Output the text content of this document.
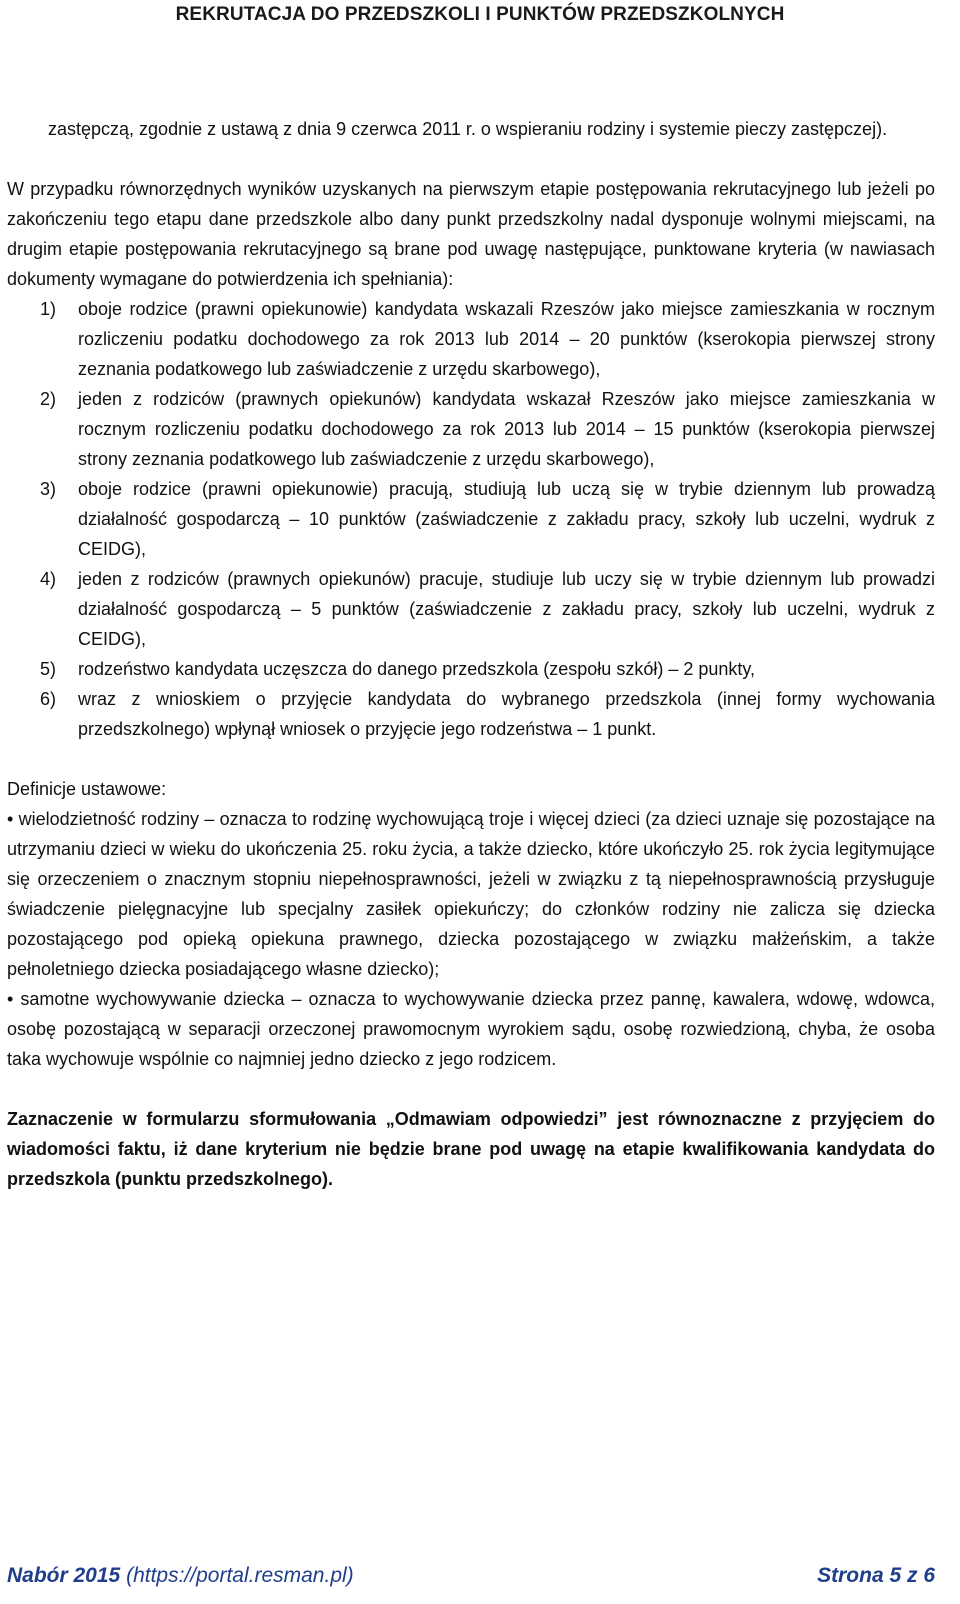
REKRUTACJA DO PRZEDSZKOLI I PUNKTÓW PRZEDSZKOLNYCH

zastępczą, zgodnie z ustawą z dnia 9 czerwca 2011 r. o wspieraniu rodziny i systemie pieczy zastępczej).

W przypadku równorzędnych wyników uzyskanych na pierwszym etapie postępowania rekrutacyjnego lub jeżeli po zakończeniu tego etapu dane przedszkole albo dany punkt przedszkolny nadal dysponuje wolnymi miejscami, na drugim etapie postępowania rekrutacyjnego są brane pod uwagę następujące, punktowane kryteria (w nawiasach dokumenty wymagane do potwierdzenia ich spełniania):

1) oboje rodzice (prawni opiekunowie) kandydata wskazali Rzeszów jako miejsce zamieszkania w rocznym rozliczeniu podatku dochodowego za rok 2013 lub 2014 – 20 punktów (kserokopia pierwszej strony zeznania podatkowego lub zaświadczenie z urzędu skarbowego),
2) jeden z rodziców (prawnych opiekunów) kandydata wskazał Rzeszów jako miejsce zamieszkania w rocznym rozliczeniu podatku dochodowego za rok 2013 lub 2014 – 15 punktów (kserokopia pierwszej strony zeznania podatkowego lub zaświadczenie z urzędu skarbowego),
3) oboje rodzice (prawni opiekunowie) pracują, studiują lub uczą się w trybie dziennym lub prowadzą działalność gospodarczą – 10 punktów (zaświadczenie z zakładu pracy, szkoły lub uczelni, wydruk z CEIDG),
4) jeden z rodziców (prawnych opiekunów) pracuje, studiuje lub uczy się w trybie dziennym lub prowadzi działalność gospodarczą – 5 punktów (zaświadczenie z zakładu pracy, szkoły lub uczelni, wydruk z CEIDG),
5) rodzeństwo kandydata uczęszcza do danego przedszkola (zespołu szkół) – 2 punkty,
6) wraz z wnioskiem o przyjęcie kandydata do wybranego przedszkola (innej formy wychowania przedszkolnego) wpłynął wniosek o przyjęcie jego rodzeństwa – 1 punkt.

Definicje ustawowe:

• wielodzietność rodziny – oznacza to rodzinę wychowującą troje i więcej dzieci (za dzieci uznaje się pozostające na utrzymaniu dzieci w wieku do ukończenia 25. roku życia, a także dziecko, które ukończyło 25. rok życia legitymujące się orzeczeniem o znacznym stopniu niepełnosprawności, jeżeli w związku z tą niepełnosprawnością przysługuje świadczenie pielęgnacyjne lub specjalny zasiłek opiekuńczy; do członków rodziny nie zalicza się dziecka pozostającego pod opieką opiekuna prawnego, dziecka pozostającego w związku małżeńskim, a także pełnoletniego dziecka posiadającego własne dziecko);

• samotne wychowywanie dziecka – oznacza to wychowywanie dziecka przez pannę, kawalera, wdowę, wdowca, osobę pozostającą w separacji orzeczonej prawomocnym wyrokiem sądu, osobę rozwiedzioną, chyba, że osoba taka wychowuje wspólnie co najmniej jedno dziecko z jego rodzicem.

Zaznaczenie w formularzu sformułowania „Odmawiam odpowiedzi” jest równoznaczne z przyjęciem do wiadomości faktu, iż dane kryterium nie będzie brane pod uwagę na etapie kwalifikowania kandydata do przedszkola (punktu przedszkolnego).

Nabór 2015 (https://portal.resman.pl)	Strona 5 z 6
